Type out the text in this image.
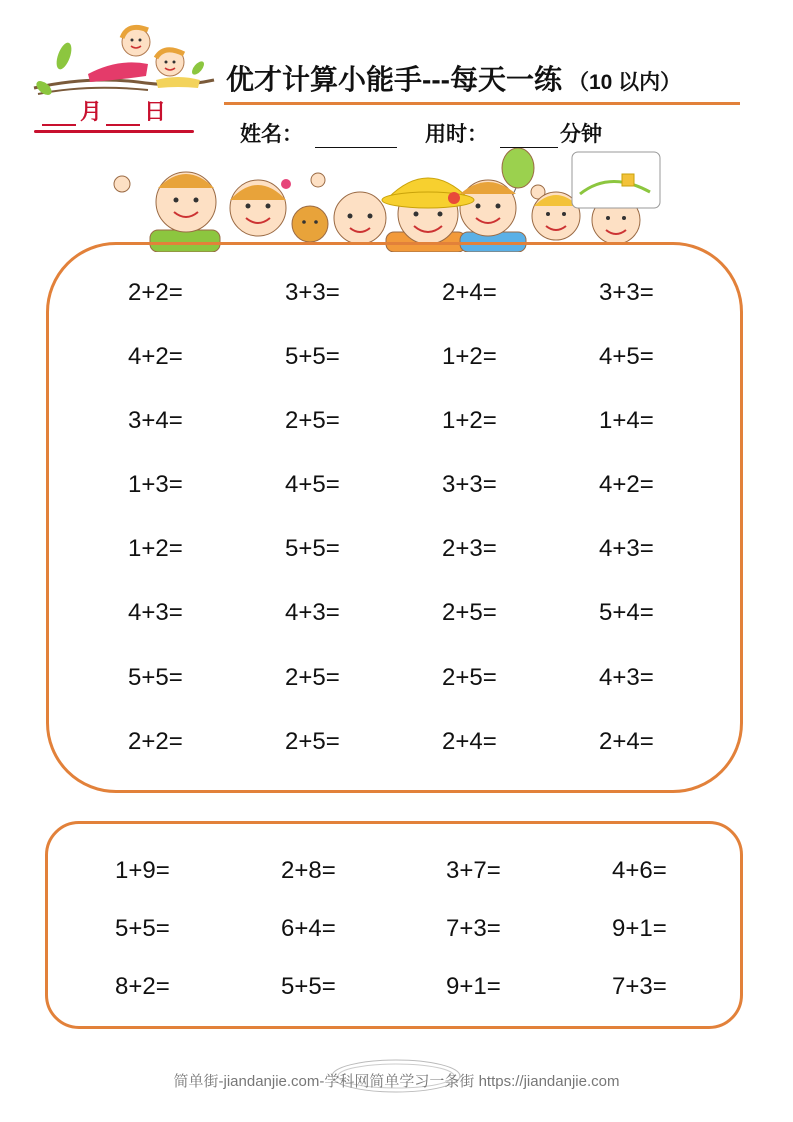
月 日
优才计算小能手---每天一练 （10 以内）
姓名：	用时：	分钟
2+2=	3+3=	2+4=	3+3=
4+2=	5+5=	1+2=	4+5=
3+4=	2+5=	1+2=	1+4=
1+3=	4+5=	3+3=	4+2=
1+2=	5+5=	2+3=	4+3=
4+3=	4+3=	2+5=	5+4=
5+5=	2+5=	2+5=	4+3=
2+2=	2+5=	2+4=	2+4=
1+9=	2+8=	3+7=	4+6=
5+5=	6+4=	7+3=	9+1=
8+2=	5+5=	9+1=	7+3=
简单街-jiandanjie.com-学科网简单学习一条街 https://jiandanjie.com
